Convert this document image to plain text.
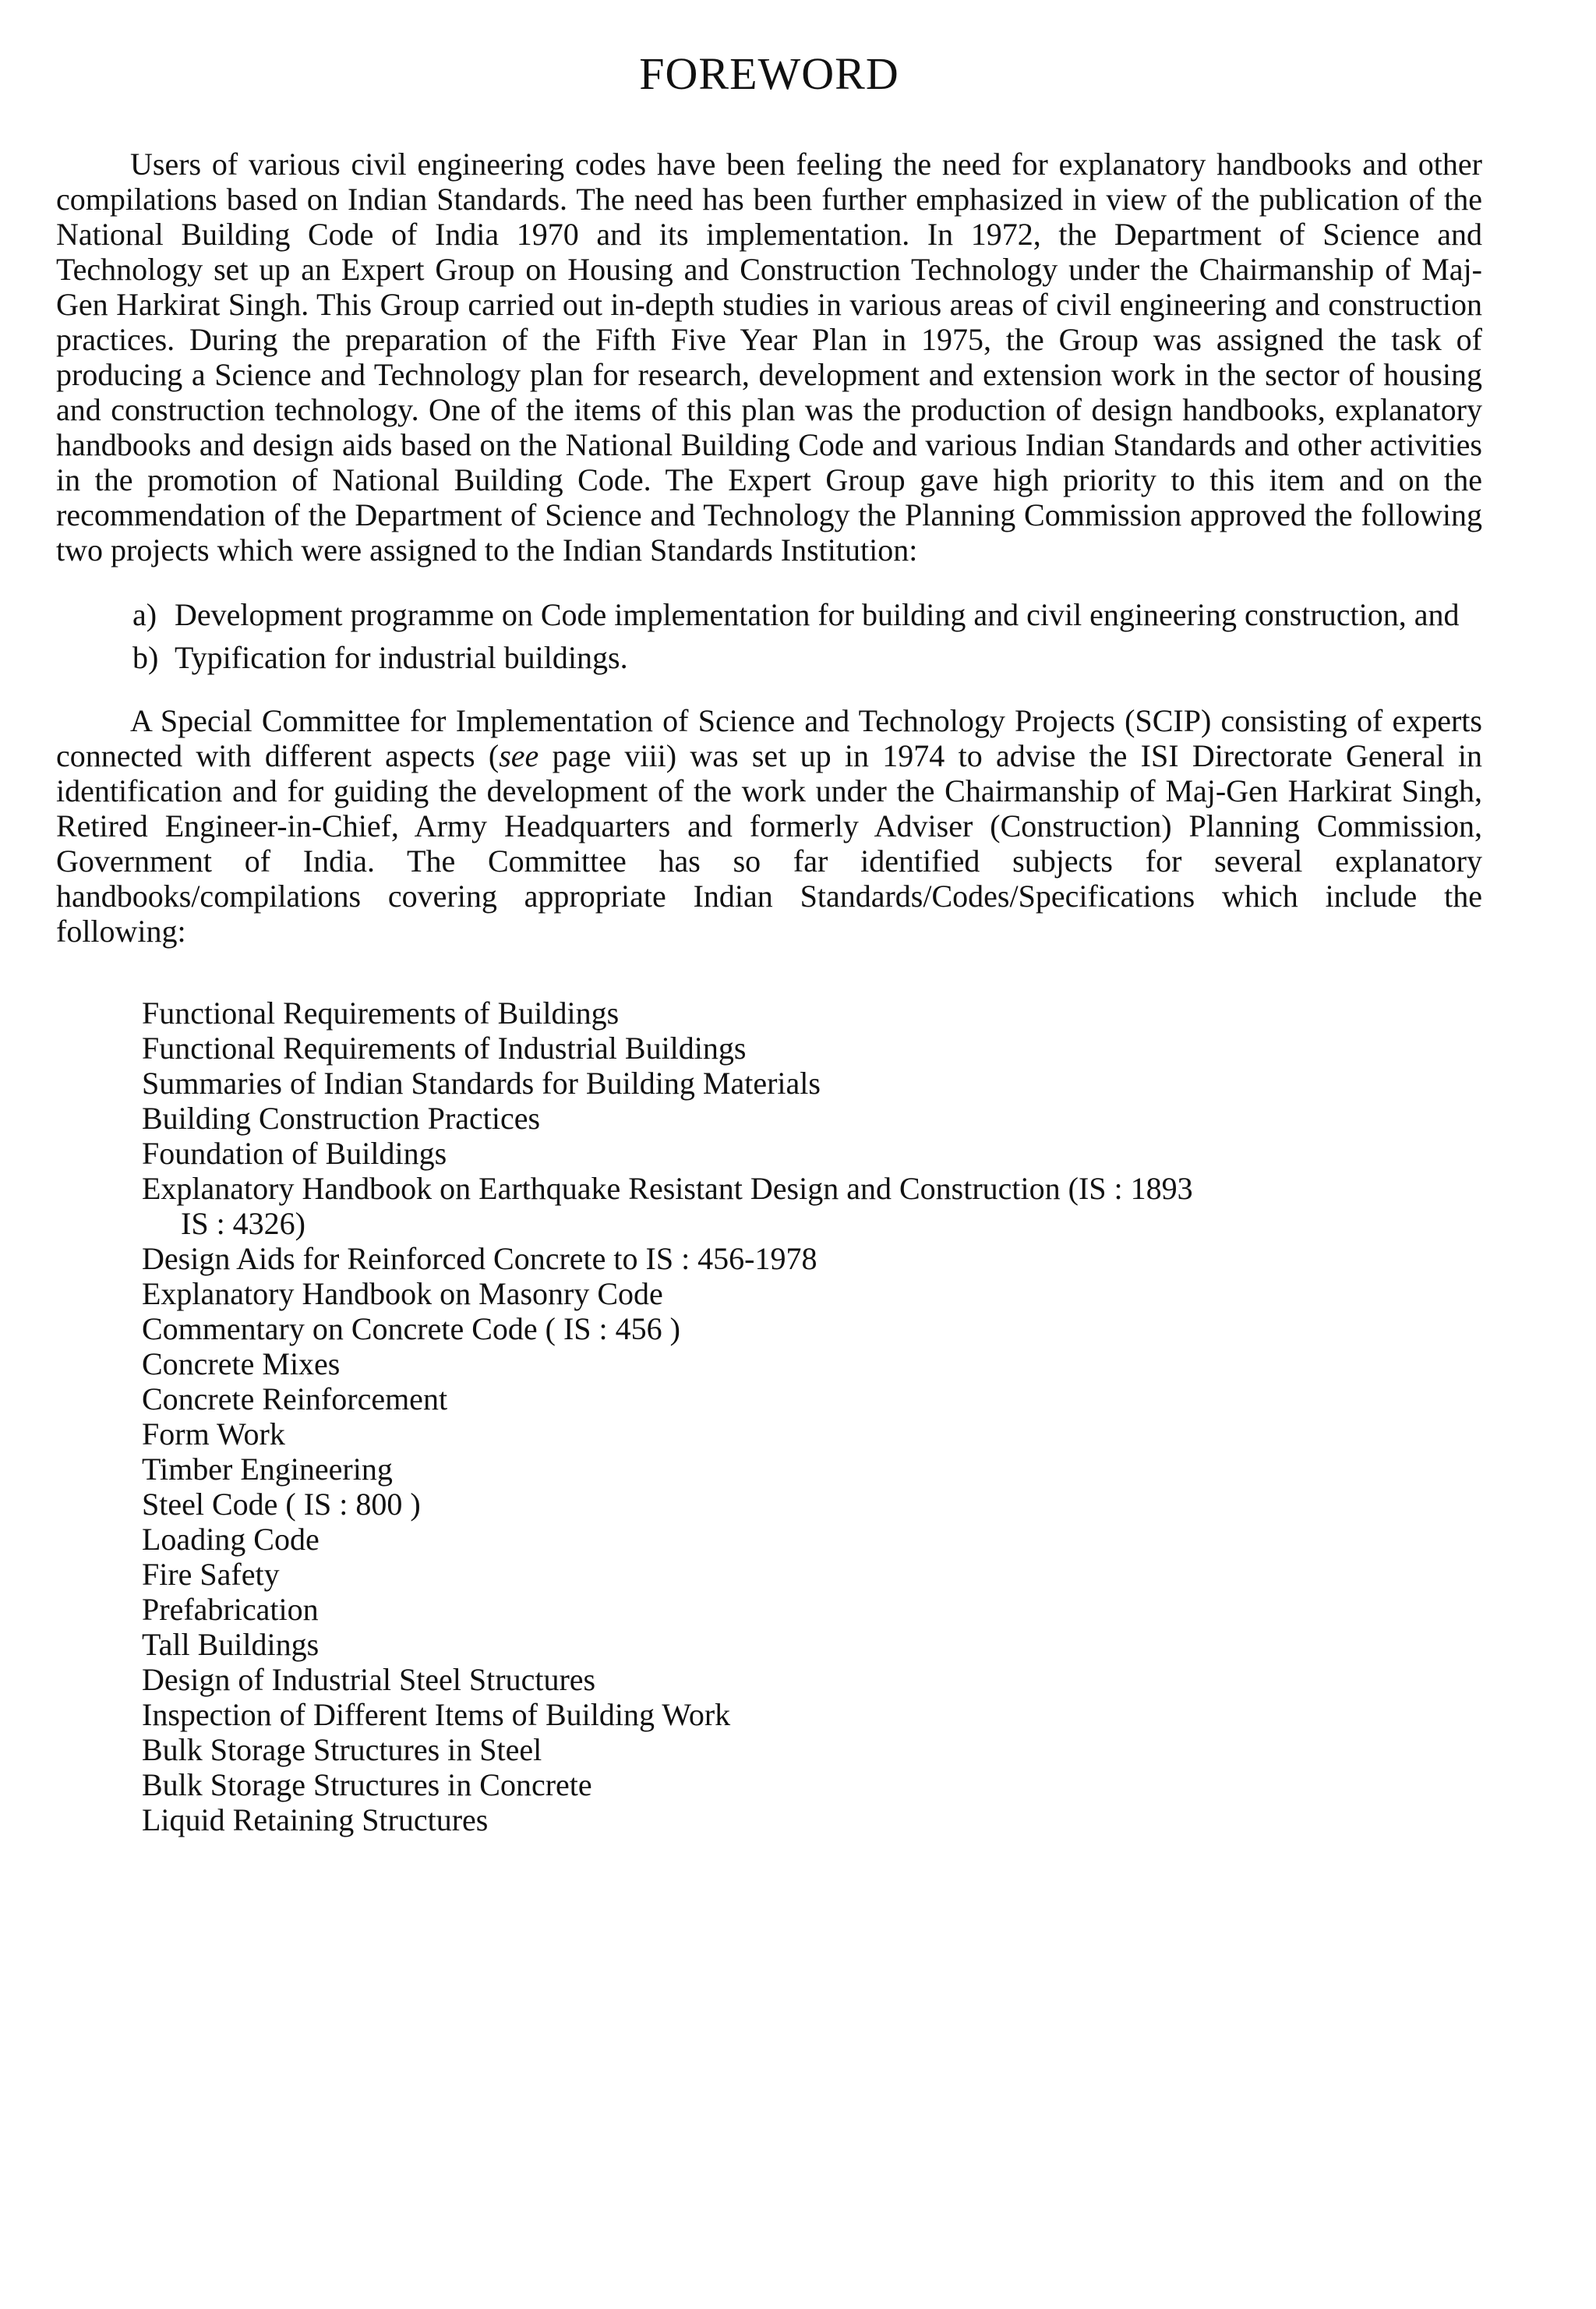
FOREWORD

Users of various civil engineering codes have been feeling the need for explanatory handbooks and other compilations based on Indian Standards. The need has been further emphasized in view of the publication of the National Building Code of India 1970 and its implementation. In 1972, the Department of Science and Technology set up an Expert Group on Housing and Construction Technology under the Chairmanship of Maj-Gen Harkirat Singh. This Group carried out in-depth studies in various areas of civil engineering and construction practices. During the preparation of the Fifth Five Year Plan in 1975, the Group was assigned the task of producing a Science and Technology plan for research, development and extension work in the sector of housing and construction technology. One of the items of this plan was the production of design handbooks, explanatory handbooks and design aids based on the National Building Code and various Indian Standards and other activities in the promotion of National Building Code. The Expert Group gave high priority to this item and on the recommendation of the Department of Science and Technology the Planning Commission approved the following two projects which were assigned to the Indian Standards Institution:

a) Development programme on Code implementation for building and civil engineering construction, and
b) Typification for industrial buildings.

A Special Committee for Implementation of Science and Technology Projects (SCIP) consisting of experts connected with different aspects (see page viii) was set up in 1974 to advise the ISI Directorate General in identification and for guiding the development of the work under the Chairmanship of Maj-Gen Harkirat Singh, Retired Engineer-in-Chief, Army Headquarters and formerly Adviser (Construction) Planning Commission, Government of India. The Committee has so far identified subjects for several explanatory handbooks/compilations covering appropriate Indian Standards/Codes/Specifications which include the following:

Functional Requirements of Buildings
Functional Requirements of Industrial Buildings
Summaries of Indian Standards for Building Materials
Building Construction Practices
Foundation of Buildings
Explanatory Handbook on Earthquake Resistant Design and Construction (IS : 1893
IS : 4326)
Design Aids for Reinforced Concrete to IS : 456-1978
Explanatory Handbook on Masonry Code
Commentary on Concrete Code ( IS : 456 )
Concrete Mixes
Concrete Reinforcement
Form Work
Timber Engineering
Steel Code ( IS : 800 )
Loading Code
Fire Safety
Prefabrication
Tall Buildings
Design of Industrial Steel Structures
Inspection of Different Items of Building Work
Bulk Storage Structures in Steel
Bulk Storage Structures in Concrete
Liquid Retaining Structures
